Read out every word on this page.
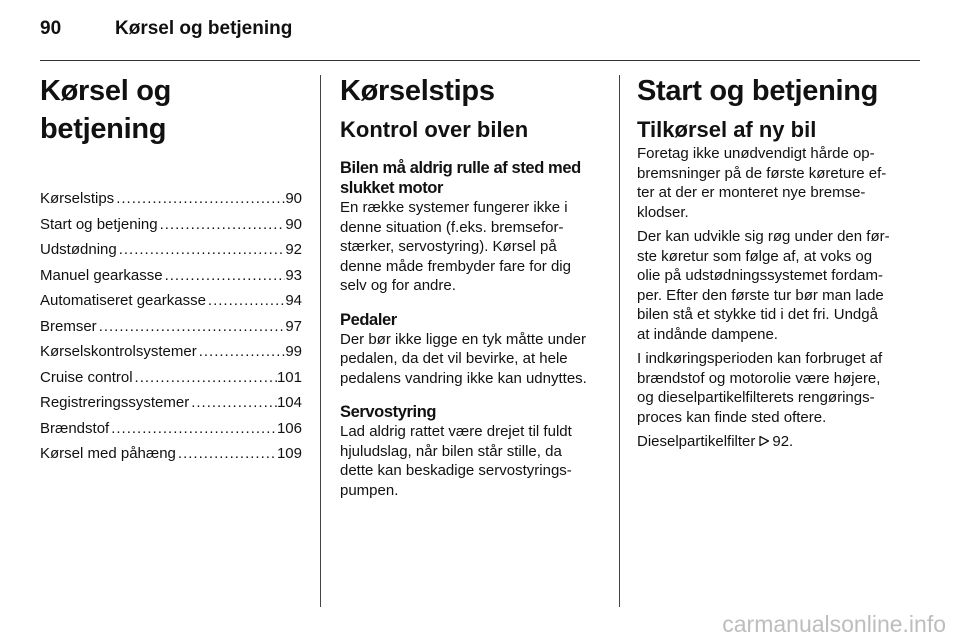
90	Kørsel og betjening
Kørsel og betjening
Kørselstips .....	90
Start og betjening .....	90
Udstødning .....	92
Manuel gearkasse .....	93
Automatiseret gearkasse .....	94
Bremser .....	97
Kørselskontrolsystemer .....	99
Cruise control .....	101
Registreringssystemer .....	104
Brændstof .....	106
Kørsel med påhæng .....	109
Kørselstips
Kontrol over bilen
Bilen må aldrig rulle af sted med
slukket motor
En række systemer fungerer ikke i
denne situation (f.eks. bremsefor-
stærker, servostyring). Kørsel på
denne måde frembyder fare for dig
selv og for andre.
Pedaler
Der bør ikke ligge en tyk måtte under
pedalen, da det vil bevirke, at hele
pedalens vandring ikke kan udnyttes.
Servostyring
Lad aldrig rattet være drejet til fuldt
hjuludslag, når bilen står stille, da
dette kan beskadige servostyrings-
pumpen.
Start og betjening
Tilkørsel af ny bil
Foretag ikke unødvendigt hårde op-
bremsninger på de første køreture ef-
ter at der er monteret nye bremse-
klodser.
Der kan udvikle sig røg under den før-
ste køretur som følge af, at voks og
olie på udstødningssystemet fordam-
per. Efter den første tur bør man lade
bilen stå et stykke tid i det fri. Undgå
at indånde dampene.
I indkøringsperioden kan forbruget af
brændstof og motorolie være højere,
og dieselpartikelfilterets rengørings-
proces kan finde sted oftere.
Dieselpartikelfilter 92.
carmanualsonline.info
